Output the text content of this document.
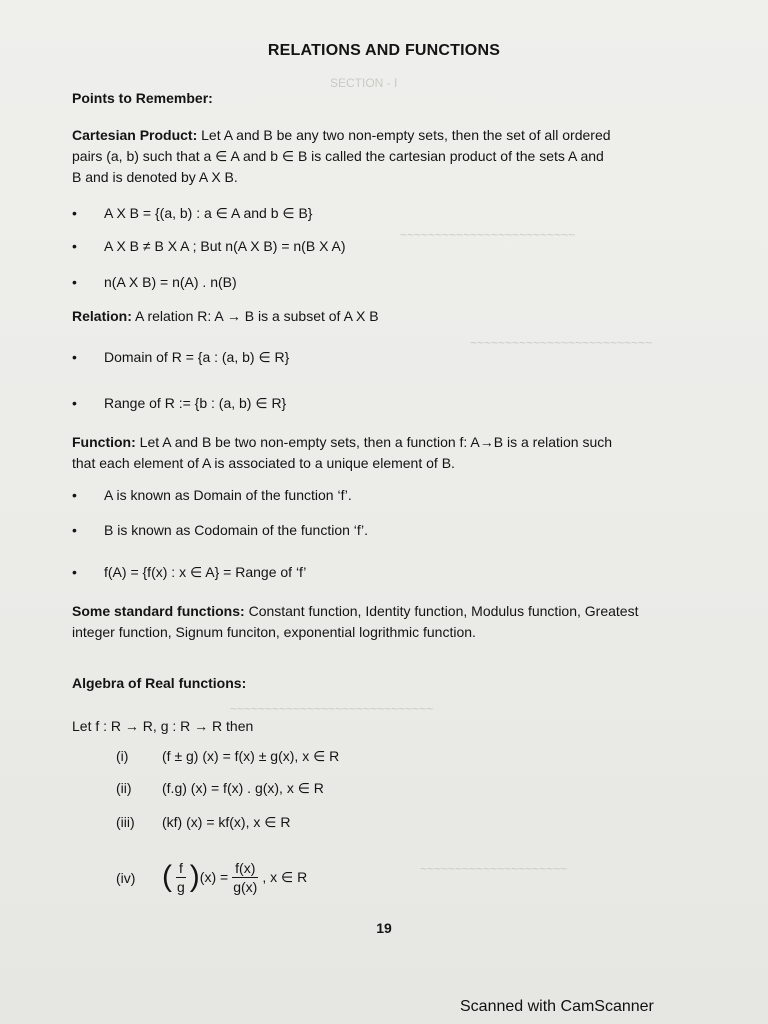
SECTION - I
~~~~~~~~~~~~~~~~~~~~~~~~~
~~~~~~~~~~~~~~~~~~~~~~~~~~
~~~~~~~~~~~~~~~~~~~~~~~~~~~~~
~~~~~~~~~~~~~~~~~~~~~
RELATIONS AND FUNCTIONS
Points to Remember:
Cartesian Product: Let A and B be any two non-empty sets, then the set of all ordered
pairs (a, b) such that a ∈ A and b ∈ B is called the cartesian product of the sets A and
B and is denoted by A X B.
• A X B = {(a, b) : a ∈ A and b ∈ B}
• A X B ≠ B X A ; But n(A X B) = n(B X A)
• n(A X B) = n(A) . n(B)
Relation: A relation R: A → B is a subset of A X B
• Domain of R = {a : (a, b) ∈ R}
• Range of R := {b : (a, b) ∈ R}
Function: Let A and B be two non-empty sets, then a function f: A→B is a relation such
that each element of A is associated to a unique element of B.
• A is known as Domain of the function ‘f’.
• B is known as Codomain of the function ‘f’.
• f(A) = {f(x) : x ∈ A} = Range of ‘f’
Some standard functions: Constant function, Identity function, Modulus function, Greatest
integer function, Signum funciton, exponential logrithmic function.
Algebra of Real functions:
Let f : R → R, g : R → R then
(i) (f ± g) (x) = f(x) ± g(x), x ∈ R
(ii) (f.g) (x) = f(x) . g(x), x ∈ R
(iii) (kf) (x) = kf(x), x ∈ R
(iv) ( $\frac{f}{g}$ ) $(x) = \frac{f(x)}{g(x)}$ , x ∈ R
19
Scanned with CamScanner
